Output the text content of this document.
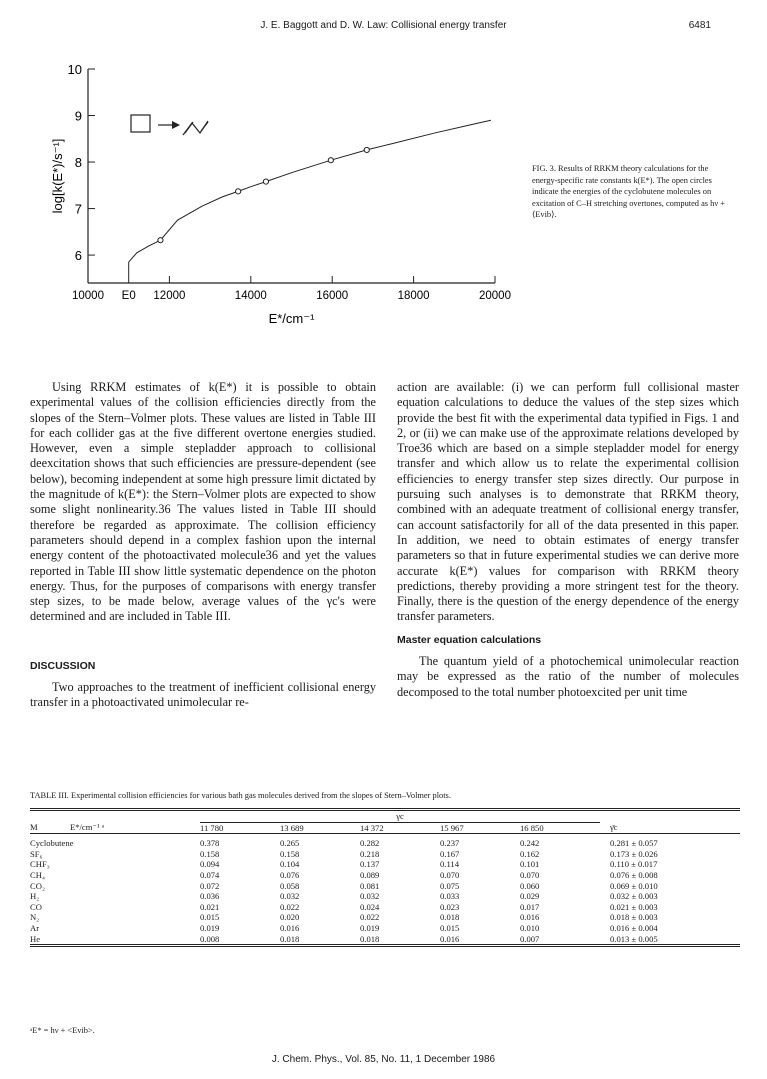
J. E. Baggott and D. W. Law: Collisional energy transfer	6481
6
7
8
9
10
10000	12000	14000	16000	18000	20000
E0
log[k(E*)/s⁻¹]
E*/cm⁻¹
FIG. 3. Results of RRKM theory calculations for the energy-specific rate constants k(E*). The open circles indicate the energies of the cyclobutene molecules on excitation of C–H stretching overtones, computed as hν + ⟨Evib⟩.

Using RRKM estimates of k(E*) it is possible to obtain experimental values of the collision efficiencies directly from the slopes of the Stern–Volmer plots. These values are listed in Table III for each collider gas at the five different overtone energies studied. However, even a simple stepladder approach to collisional deexcitation shows that such efficiencies are pressure-dependent (see below), becoming independent at some high pressure limit dictated by the magnitude of k(E*): the Stern–Volmer plots are expected to show some slight nonlinearity.36 The values listed in Table III should therefore be regarded as approximate. The collision efficiency parameters should depend in a complex fashion upon the internal energy content of the photoactivated molecule36 and yet the values reported in Table III show little systematic dependence on the photon energy. Thus, for the purposes of comparisons with energy transfer step sizes, to be made below, average values of the γc's were determined and are included in Table III.

DISCUSSION

Two approaches to the treatment of inefficient collisional energy transfer in a photoactivated unimolecular re-

action are available: (i) we can perform full collisional master equation calculations to deduce the values of the step sizes which provide the best fit with the experimental data typified in Figs. 1 and 2, or (ii) we can make use of the approximate relations developed by Troe36 which are based on a simple stepladder model for energy transfer and which allow us to relate the experimental collision efficiencies to energy transfer step sizes directly. Our purpose in pursuing such analyses is to demonstrate that RRKM theory, combined with an adequate treatment of collisional energy transfer, can account satisfactorily for all of the data presented in this paper. In addition, we need to obtain estimates of energy transfer parameters so that in future experimental studies we can derive more accurate k(E*) values for comparison with RRKM theory predictions, thereby providing a more stringent test for the theory. Finally, there is the question of the energy dependence of the energy transfer parameters.

Master equation calculations

The quantum yield of a photochemical unimolecular reaction may be expressed as the ratio of the number of molecules decomposed to the total number photoexcited per unit time

TABLE III. Experimental collision efficiencies for various bath gas molecules derived from the slopes of Stern–Volmer plots.
		γc					
M	E*/cm⁻¹ ᵃ	11 780	13 689	14 372	15 967	16 850	γ̄c
Cyclobutene		0.378	0.265	0.282	0.237	0.242	0.281 ± 0.057
SF₆		0.158	0.158	0.218	0.167	0.162	0.173 ± 0.026
CHF₃		0.094	0.104	0.137	0.114	0.101	0.110 ± 0.017
CH₄		0.074	0.076	0.089	0.070	0.070	0.076 ± 0.008
CO₂		0.072	0.058	0.081	0.075	0.060	0.069 ± 0.010
H₂		0.036	0.032	0.032	0.033	0.029	0.032 ± 0.003
CO		0.021	0.022	0.024	0.023	0.017	0.021 ± 0.003
N₂		0.015	0.020	0.022	0.018	0.016	0.018 ± 0.003
Ar		0.019	0.016	0.019	0.015	0.010	0.016 ± 0.004
He		0.008	0.018	0.018	0.016	0.007	0.013 ± 0.005

ᵃE* = hν + <Evib>.
J. Chem. Phys., Vol. 85, No. 11, 1 December 1986
